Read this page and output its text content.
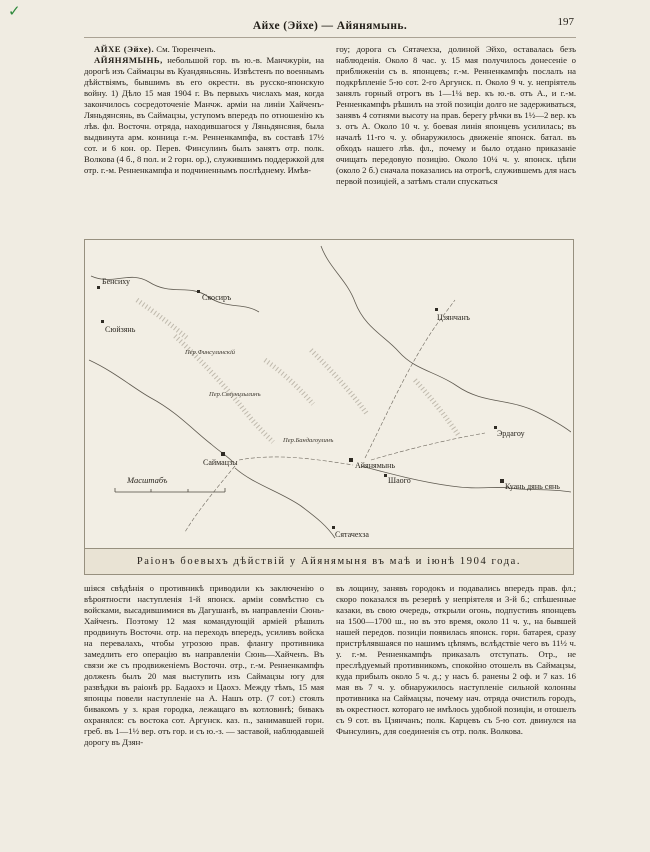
✓
Айхе (Эйхе) — Айянямынь.	197

АЙХЕ (Эйхе). См. Тюренченъ.

АЙЯНЯМЫНЬ, небольшой гор. въ ю.-в. Манчжуріи, на дорогѣ изъ Саймацзы въ Куандяньсянь. Извѣстенъ по военнымъ дѣйствіямъ, бывшимъ въ его окрестн. въ русско-японскую войну. 1) Дѣло 15 мая 1904 г. Въ первыхъ числахъ мая, когда закончилось сосредоточеніе Манчж. арміи на линіи Хайченъ-Ляньдянсянь, въ Саймацзы, уступомъ впередъ по отношенію къ лѣв. фл. Восточн. отряда, находившагося у Ляньдянсяня, была выдвинута арм. конница г.-м. Ренненкампфа, въ составѣ 17½ сот. и 6 кон. ор. Перев. Финсулинъ былъ занятъ отр. полк. Волкова (4 б., 8 пол. и 2 горн. ор.), служившимъ поддержкой для отр. г.-м. Ренненкампфа и подчиненнымъ послѣднему. Имѣв-

гоу; дорога съ Сятачехза, долиной Эйхо, оставалась безъ наблюденія. Около 8 час. у. 15 мая получилось донесеніе о приближеніи съ в. японцевъ; г.-м. Ренненкампфъ послалъ на подкрѣпленіе 5-ю сот. 2-го Аргунск. п. Около 9 ч. у. непріятель занялъ горный отрогъ въ 1—1¼ вер. къ ю.-в. отъ А., и г.-м. Ренненкампфъ рѣшилъ на этой позиціи долго не задерживаться, занявъ 4 сотнями высоту на прав. берегу рѣчки въ 1½—2 вер. къ з. отъ А. Около 10 ч. у. боевая линія японцевъ усилилась; въ началѣ 11-го ч. у. обнаружилось движеніе японск. батал. въ обходъ нашего лѣв. фл., почему и было отдано приказаніе очищать передовую позицію. Около 10¼ ч. у. японск. цѣпи (около 2 б.) сначала показались на отрогѣ, служившемъ для насъ первой позиціей, а затѣмъ стали спускаться

Бенсиху
Сяосиръ
Цзянчанъ
Сюйзянь
Пер.Финсулинскій
Пер.Сялунцзылинъ
Пер.Бандагоулинъ
Саймацзы	Айянямынь
Шаого
Эрдагоу
Куань дянь сянь
Сятачехза
Масштабъ
Раіонъ боевыхъ дѣйствій у Айянямыня въ маѣ и іюнѣ 1904 года.

шіяся свѣдѣнія о противникѣ приводили къ заключенію о вѣроятности наступленія 1-й японск. арміи совмѣстно съ войсками, высадившимися въ Дагушанѣ, въ направленіи Сюнь-Хайченъ. Поэтому 12 мая командующій арміей рѣшилъ продвинуть Восточн. отр. на переходъ впередъ, усиливъ войска на перевалахъ, чтобы угрозою прав. флангу противника замедлить его операцію въ направленіи Сюнь—Хайченъ. Въ связи же съ продвиженіемъ Восточн. отр., г.-м. Ренненкампфъ долженъ былъ 20 мая выступить изъ Саймацзы югу для развѣдки въ раіонѣ рр. Бадаохэ и Цаохэ. Между тѣмъ, 15 мая японцы повели наступленіе на А. Нашъ отр. (7 сот.) стоялъ бивакомъ у з. края городка, лежащаго въ котловинѣ; бивакъ охранялся: съ востока сот. Аргунск. каз. п., занимавшей горн. греб. въ 1—1½ вер. отъ гор. и съ ю.-з. — заставой, наблюдавшей дорогу въ Дзян-

въ лощину, занявъ городокъ и подавались впередъ прав. фл.; скоро показался въ резервѣ у непріятеля и 3-й б.; спѣшенные казаки, въ свою очередь, открыли огонь, подпустивъ японцевъ на 1500—1700 ш., но въ это время, около 11 ч. у., на бывшей нашей передов. позиціи появилась японск. горн. батарея, сразу пристрѣлявшаяся по нашимъ цѣпямъ, вслѣдствіе чего въ 11½ ч. у. г.-м. Ренненкампфъ приказалъ отступать. Отр., не преслѣдуемый противникомъ, спокойно отошелъ въ Саймацзы, куда прибылъ около 5 ч. д.; у насъ б. ранены 2 оф. и 7 каз. 16 мая въ 7 ч. у. обнаружилось наступленіе сильной колонны противника на Саймацзы, почему нач. отряда очистилъ городъ, въ окрестност. котораго не имѣлось удобной позиціи, и отошелъ съ 9 сот. въ Цзянчанъ; полк. Карцевъ съ 5-ю сот. двинулся на Фынсулинъ, для соединенія съ отр. полк. Волкова.
